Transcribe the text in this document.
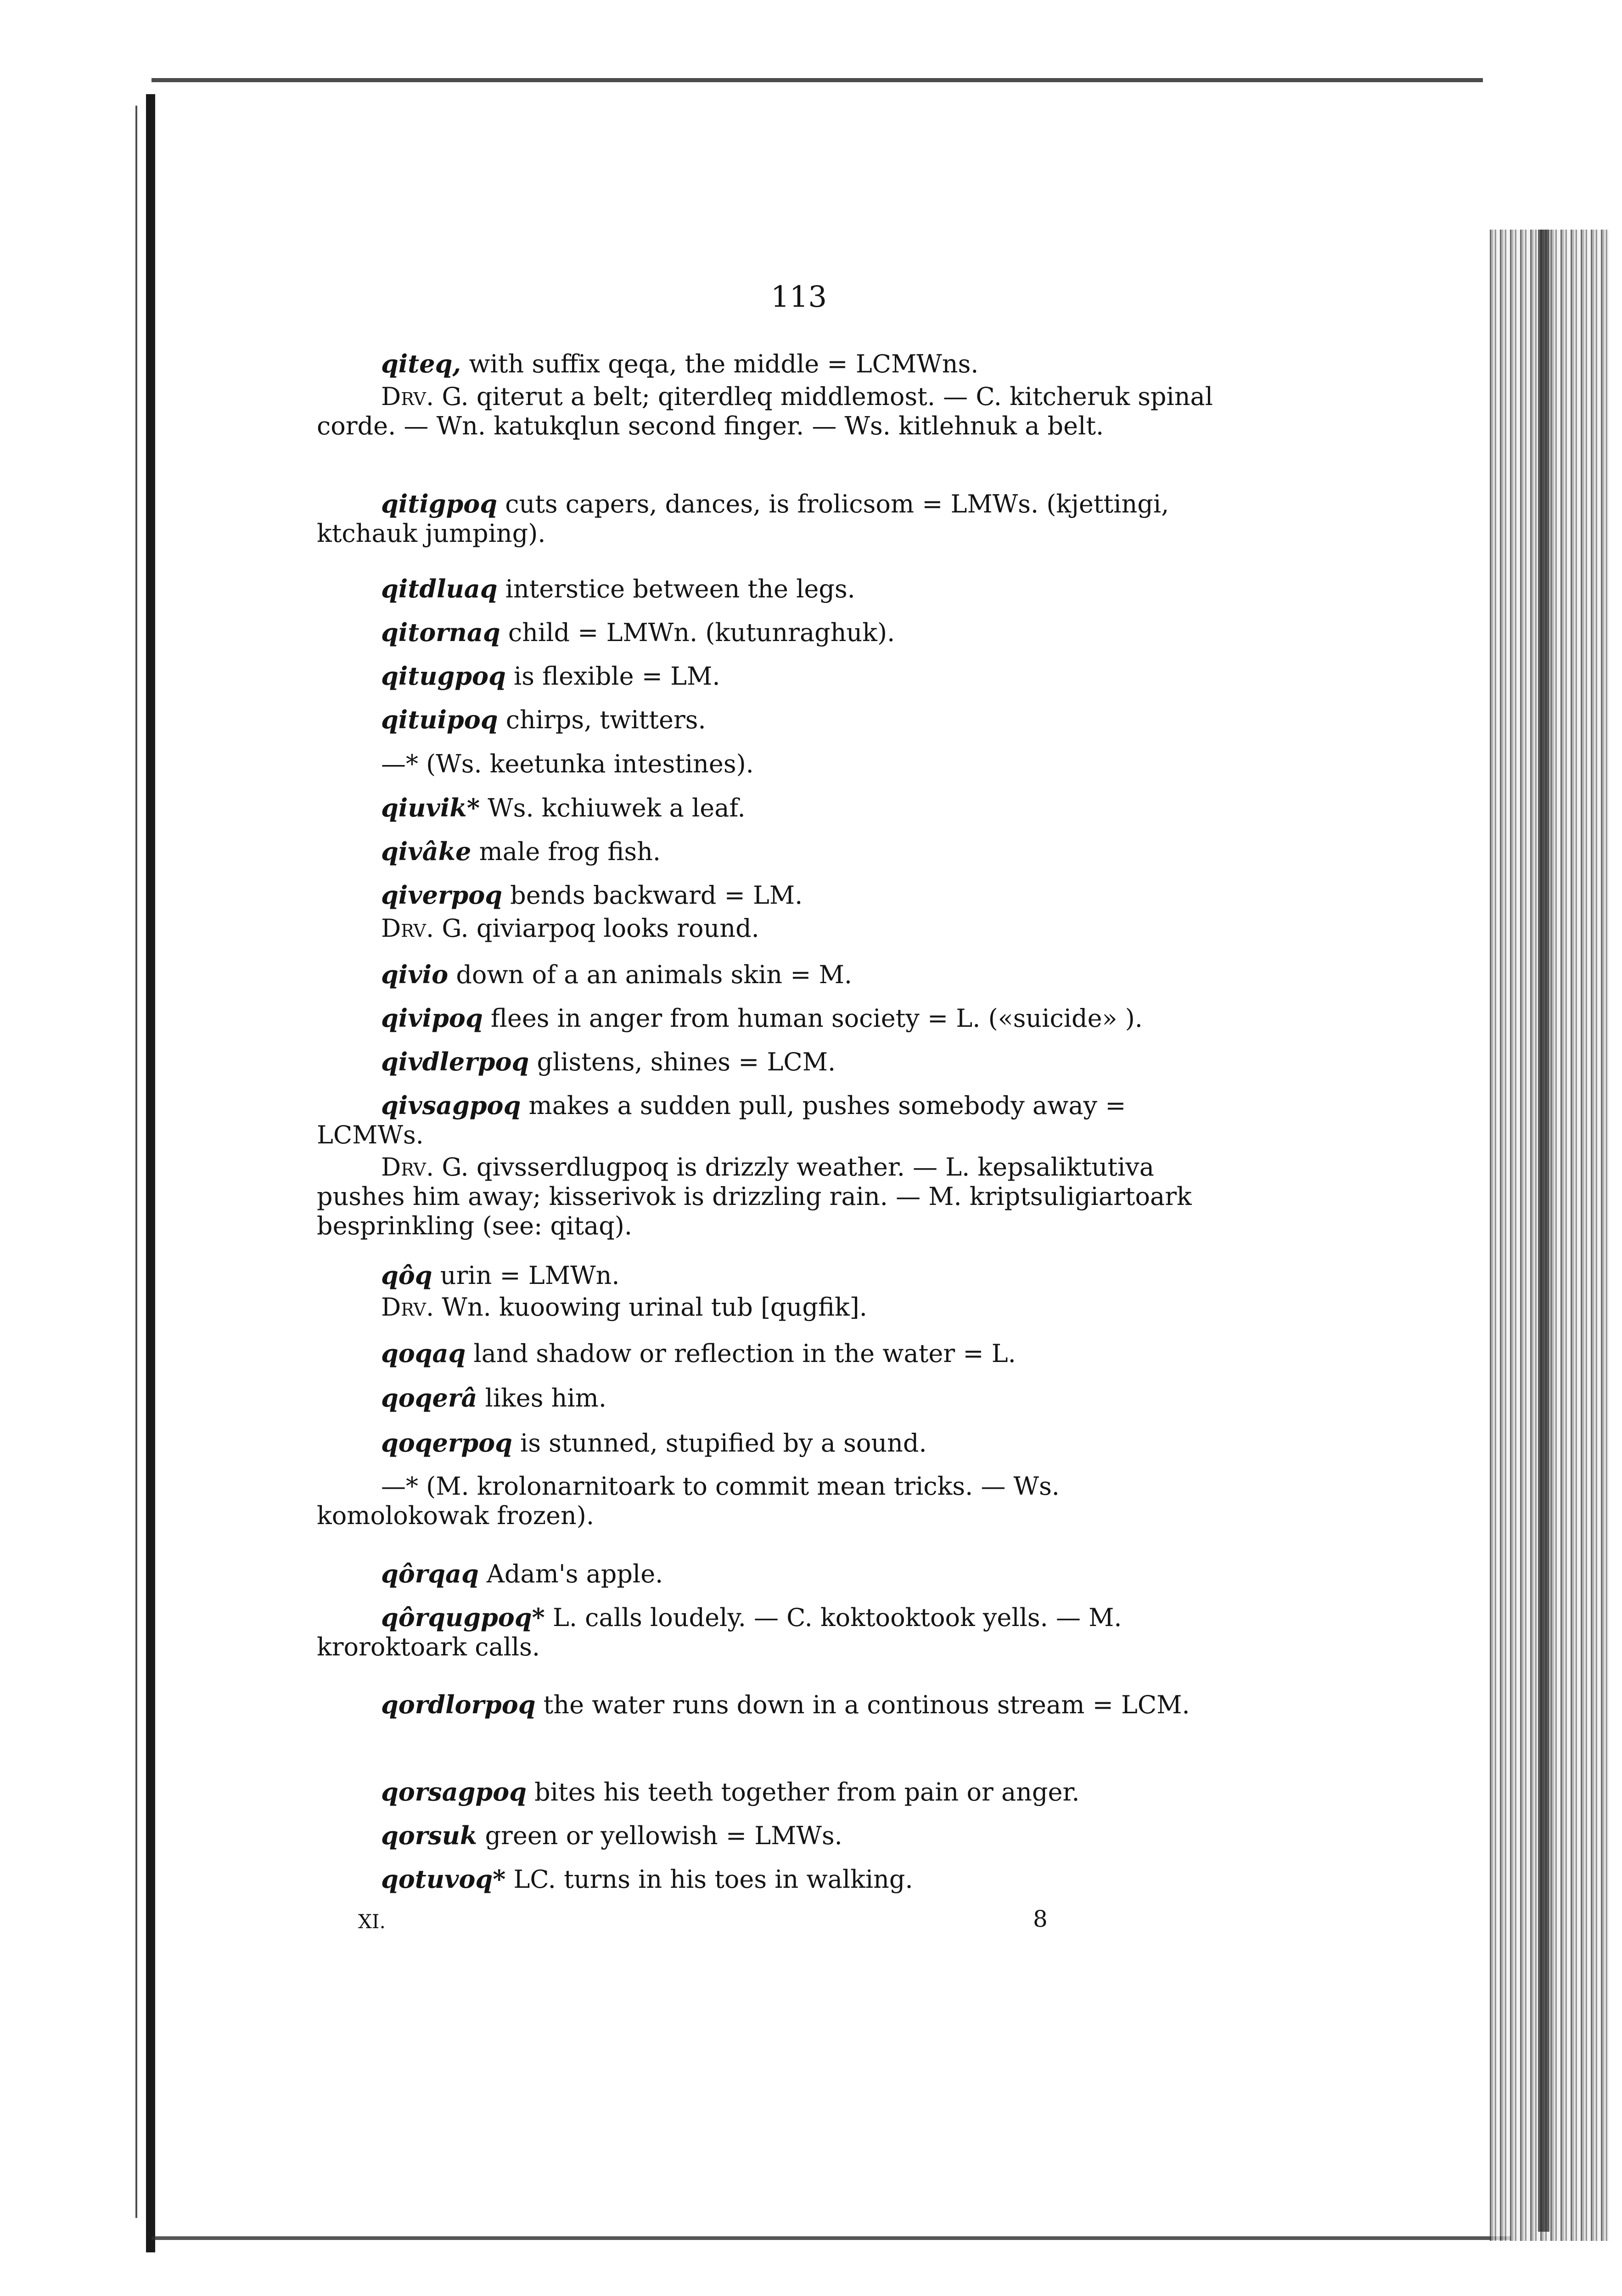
113
qiteq, with suffix qeqa, the middle = LCMWns.
Drv. G. qiterut a belt; qiterdleq middlemost. — C. kitcheruk spinal corde. — Wn. katukqlun second finger. — Ws. kitlehnuk a belt.
qitigpoq cuts capers, dances, is frolicsom = LMWs. (kjettingi, ktchauk jumping).
qitdluaq interstice between the legs.
qitornaq child = LMWn. (kutunraghuk).
qitugpoq is flexible = LM.
qituipoq chirps, twitters.
—* (Ws. keetunka intestines).
qiuvik* Ws. kchiuwek a leaf.
qivâke male frog fish.
qiverpoq bends backward = LM.
Drv. G. qiviarpoq looks round.
qivio down of a an animals skin = M.
qivipoq flees in anger from human society = L. («suicide» ).
qivdlerpoq glistens, shines = LCM.
qivsagpoq makes a sudden pull, pushes somebody away = LCMWs.
Drv. G. qivsserdlugpoq is drizzly weather. — L. kepsaliktutiva pushes him away; kisserivok is drizzling rain. — M. kriptsuligiartoark besprinkling (see: qitaq).
qôq urin = LMWn.
Drv. Wn. kuoowing urinal tub [qugfik].
qoqaq land shadow or reflection in the water = L.
qoqerâ likes him.
qoqerpoq is stunned, stupified by a sound.
—* (M. krolonarnitoark to commit mean tricks. — Ws. komolokowak frozen).
qôrqaq Adam's apple.
qôrqugpoq* L. calls loudely. — C. koktooktook yells. — M. kroroktoark calls.
qordlorpoq the water runs down in a continous stream = LCM.
qorsagpoq bites his teeth together from pain or anger.
qorsuk green or yellowish = LMWs.
qotuvoq* LC. turns in his toes in walking.
XI.	8
